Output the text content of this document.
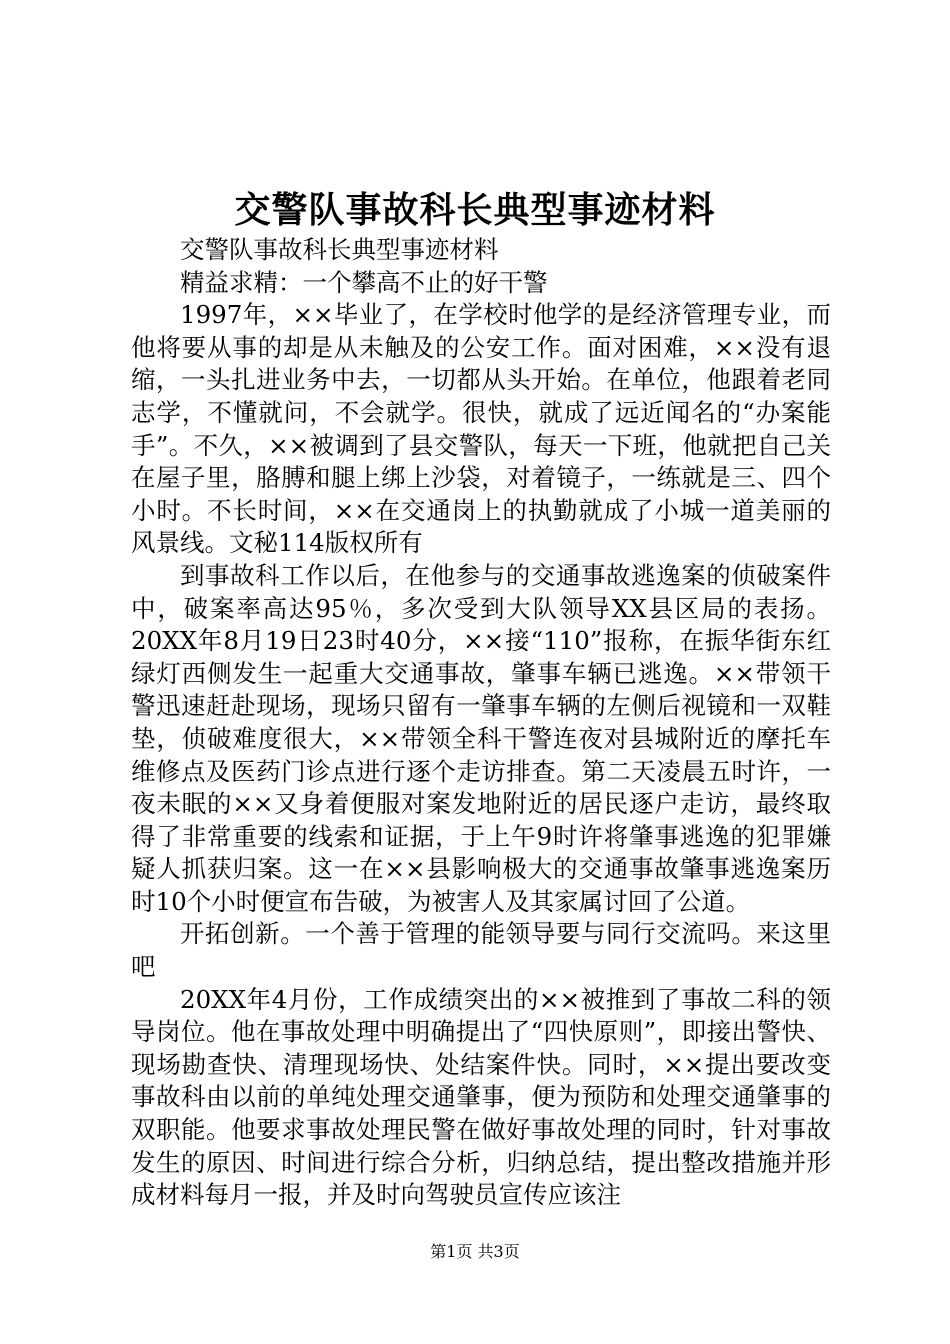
交警队事故科长典型事迹材料

交警队事故科长典型事迹材料

精益求精：一个攀高不止的好干警

1997年，××毕业了，在学校时他学的是经济管理专业，而他将要从事的却是从未触及的公安工作。面对困难，××没有退缩，一头扎进业务中去，一切都从头开始。在单位，他跟着老同志学，不懂就问，不会就学。很快，就成了远近闻名的“办案能手”。不久，××被调到了县交警队，每天一下班，他就把自己关在屋子里，胳膊和腿上绑上沙袋，对着镜子，一练就是三、四个小时。不长时间，××在交通岗上的执勤就成了小城一道美丽的风景线。文秘114版权所有

到事故科工作以后，在他参与的交通事故逃逸案的侦破案件中，破案率高达95％，多次受到大队领导XX县区局的表扬。20XX年8月19日23时40分，××接“110”报称，在振华街东红绿灯西侧发生一起重大交通事故，肇事车辆已逃逸。××带领干警迅速赶赴现场，现场只留有一肇事车辆的左侧后视镜和一双鞋垫，侦破难度很大，××带领全科干警连夜对县城附近的摩托车维修点及医药门诊点进行逐个走访排查。第二天凌晨五时许，一夜未眠的××又身着便服对案发地附近的居民逐户走访，最终取得了非常重要的线索和证据，于上午9时许将肇事逃逸的犯罪嫌疑人抓获归案。这一在××县影响极大的交通事故肇事逃逸案历时10个小时便宣布告破，为被害人及其家属讨回了公道。

开拓创新。一个善于管理的能领导要与同行交流吗。来这里吧

20XX年4月份，工作成绩突出的××被推到了事故二科的领导岗位。他在事故处理中明确提出了“四快原则”，即接出警快、现场勘查快、清理现场快、处结案件快。同时，××提出要改变事故科由以前的单纯处理交通肇事，便为预防和处理交通肇事的双职能。他要求事故处理民警在做好事故处理的同时，针对事故发生的原因、时间进行综合分析，归纳总结，提出整改措施并形成材料每月一报，并及时向驾驶员宣传应该注

第1页 共3页
